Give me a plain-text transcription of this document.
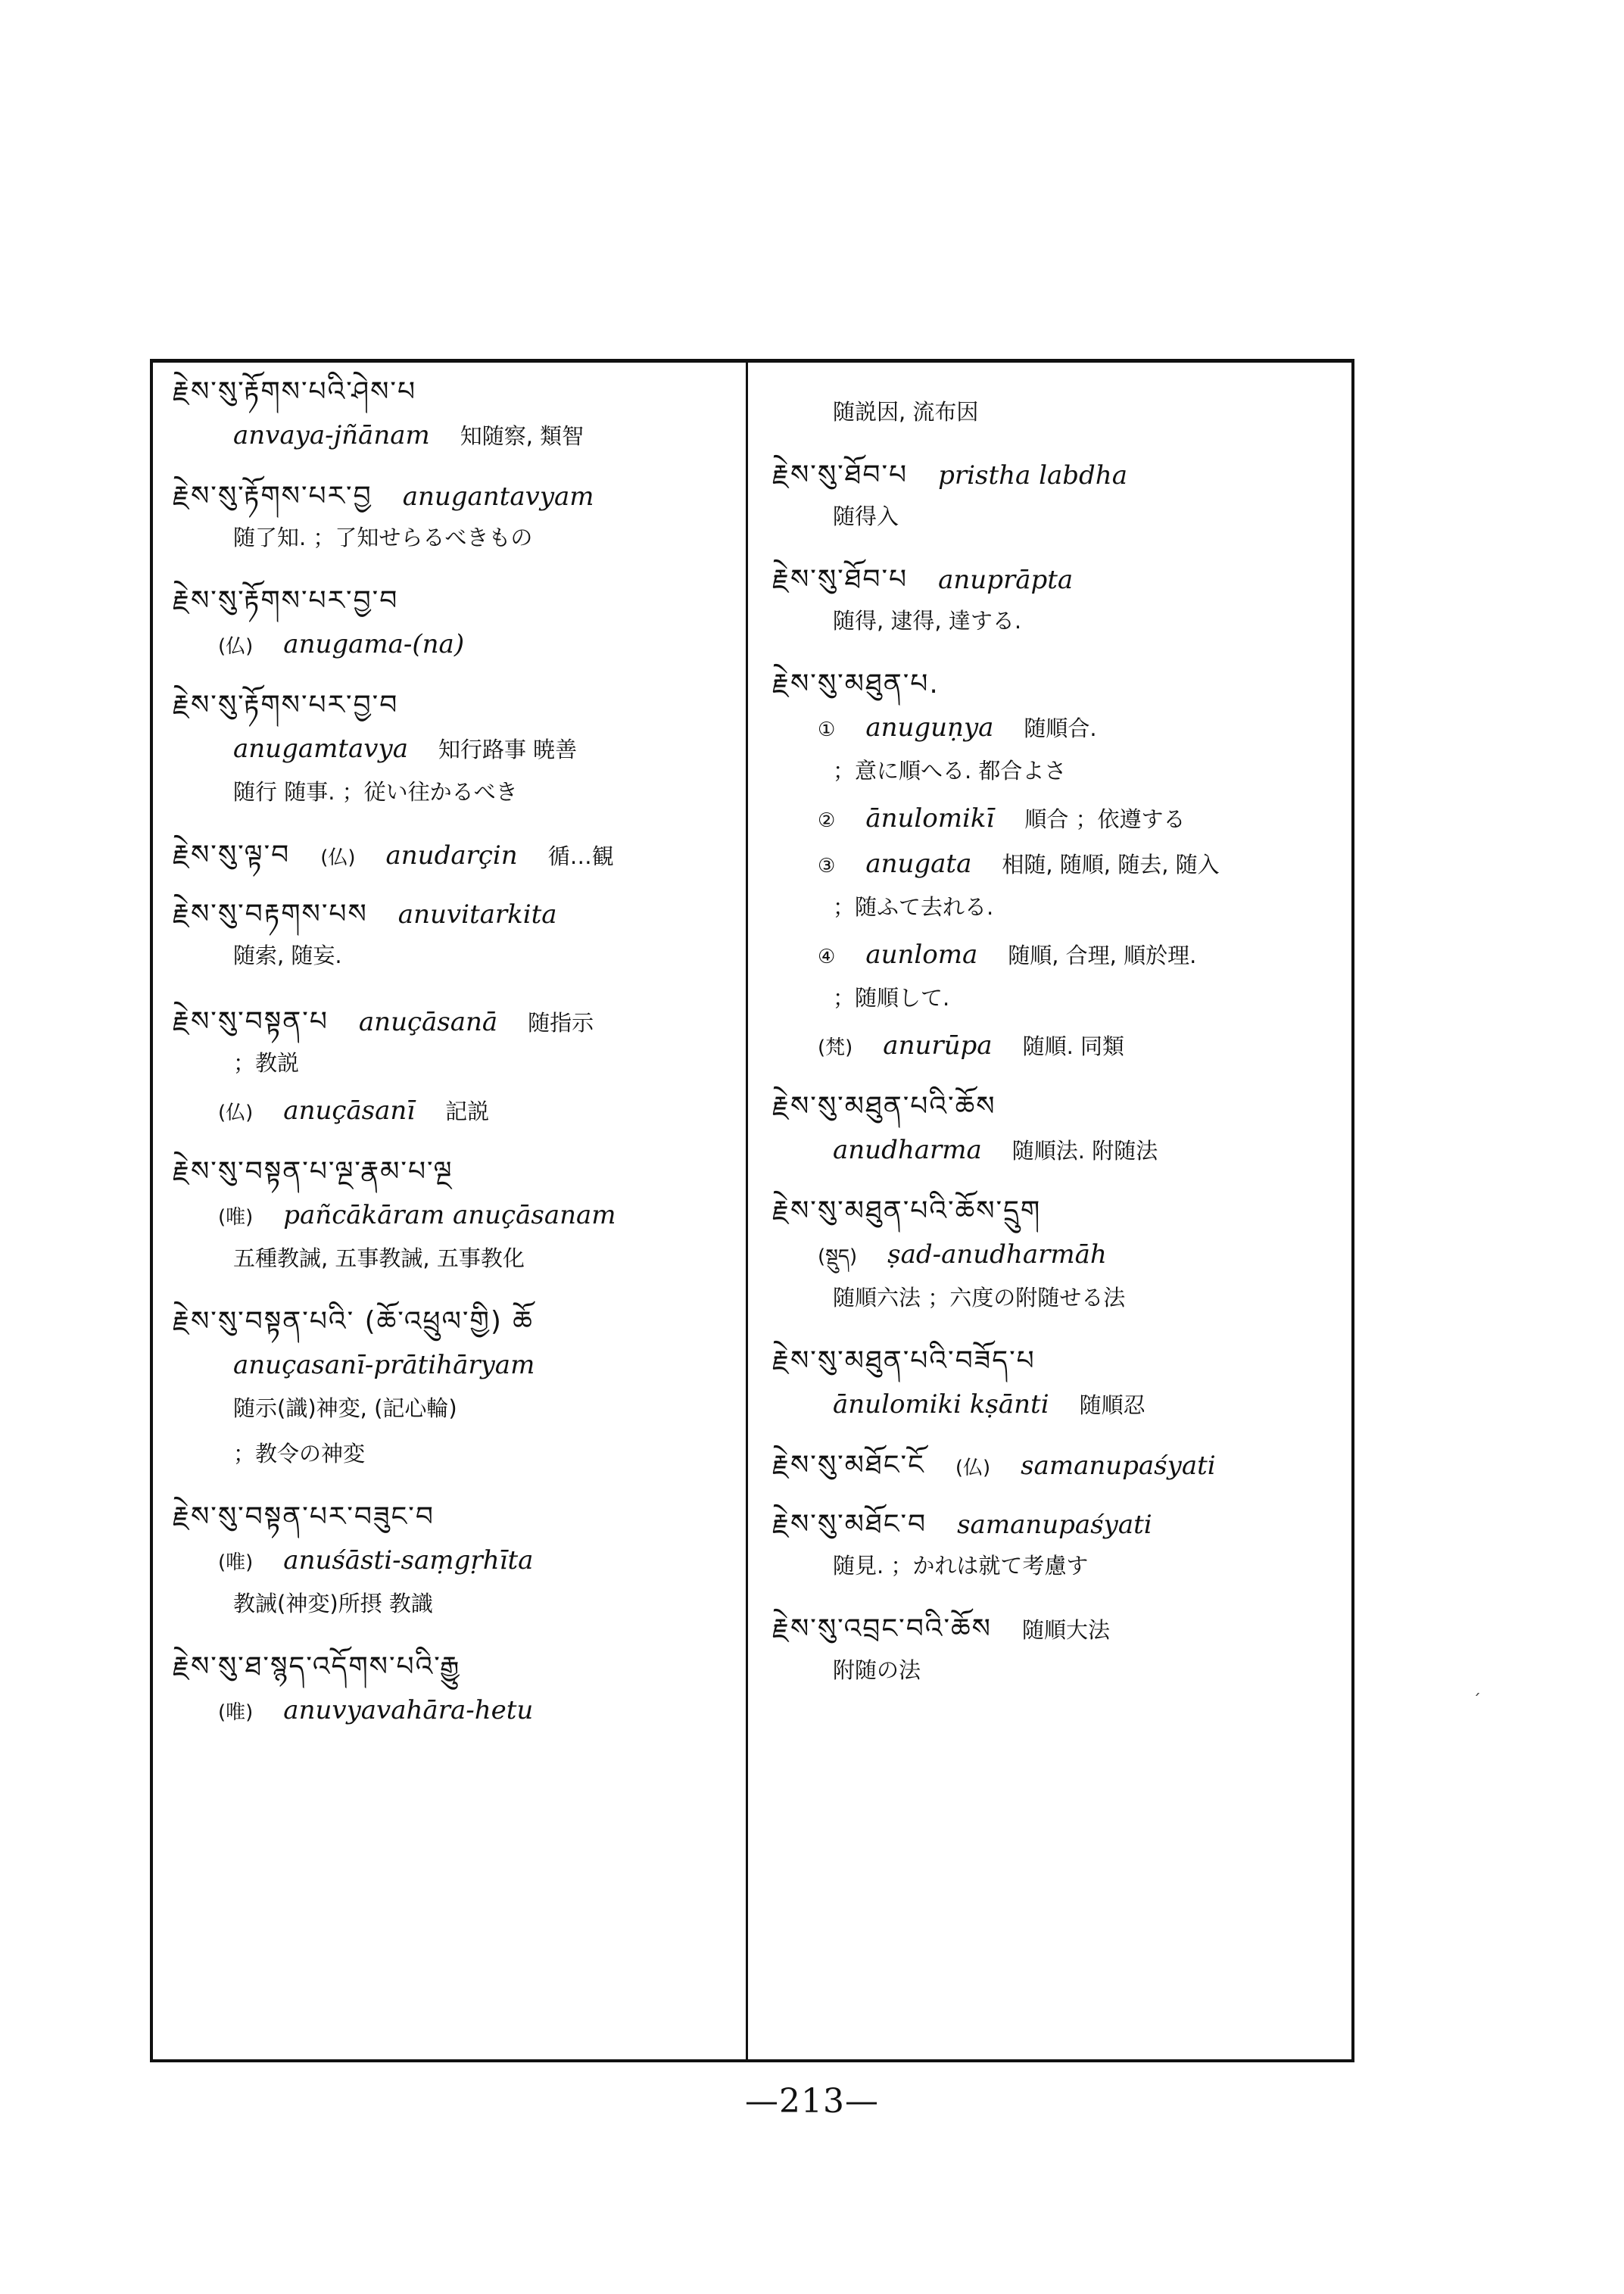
རྗེས་སུ་རྟོགས་པའི་ཤེས་པ
anvaya-jñānam 知随察, 類智
རྗེས་སུ་རྟོགས་པར་བྱ anugantavyam
随了知. ；了知せらるべきもの
རྗེས་སུ་རྟོགས་པར་བྱ་བ
(仏) anugama-(na)
རྗེས་སུ་རྟོགས་པར་བྱ་བ
anugamtavya 知行路事 暁善
随行 随事. ；従い往かるべき
རྗེས་སུ་ལྟ་བ (仏) anudarçin 循…観
རྗེས་སུ་བརྟགས་པས anuvitarkita
随索, 随妄.
རྗེས་སུ་བསྟན་པ anuçāsanā 随指示
；教説
(仏) anuçāsanī 記説
རྗེས་སུ་བསྟན་པ་ལྔ་རྣམ་པ་ལྔ
(唯) pañcākāram anuçāsanam
五種教誡, 五事教誡, 五事教化
རྗེས་སུ་བསྟན་པའི་ (ཆོ་འཕྲུལ་གྱི) ཆོ
anuçasanī-prātihāryam
随示(識)神変, (記心輪)
；教令の神変
རྗེས་སུ་བསྟན་པར་བཟུང་བ
(唯) anuśāsti-saṃgṛhīta
教誡(神変)所摂 教識
རྗེས་སུ་ཐ་སྙད་འདོགས་པའི་རྒྱུ
(唯) anuvyavahāra-hetu
随説因, 流布因
རྗེས་སུ་ཐོབ་པ pristha labdha
随得入
རྗེས་སུ་ཐོབ་པ anuprāpta
随得, 逮得, 達する.
རྗེས་སུ་མཐུན་པ.
① anuguṇya 随順合.
；意に順へる. 都合よさ
② ānulomikī 順合 ；依遵する
③ anugata 相随, 随順, 随去, 随入
；随ふて去れる.
④ aunloma 随順, 合理, 順於理.
；随順して.
(梵) anurūpa 随順. 同類
རྗེས་སུ་མཐུན་པའི་ཆོས
anudharma 随順法. 附随法
རྗེས་སུ་མཐུན་པའི་ཆོས་དྲུག
(སྡུད) ṣad-anudharmāh
随順六法 ；六度の附随せる法
རྗེས་སུ་མཐུན་པའི་བཟོད་པ
ānulomiki kṣānti 随順忍
རྗེས་སུ་མཐོང་ངོ (仏) samanupaśyati
རྗེས་སུ་མཐོང་བ samanupaśyati
随見. ；かれは就て考慮す
རྗེས་སུ་འབྲང་བའི་ཆོས 随順大法
附随の法
—213—
ˊ
